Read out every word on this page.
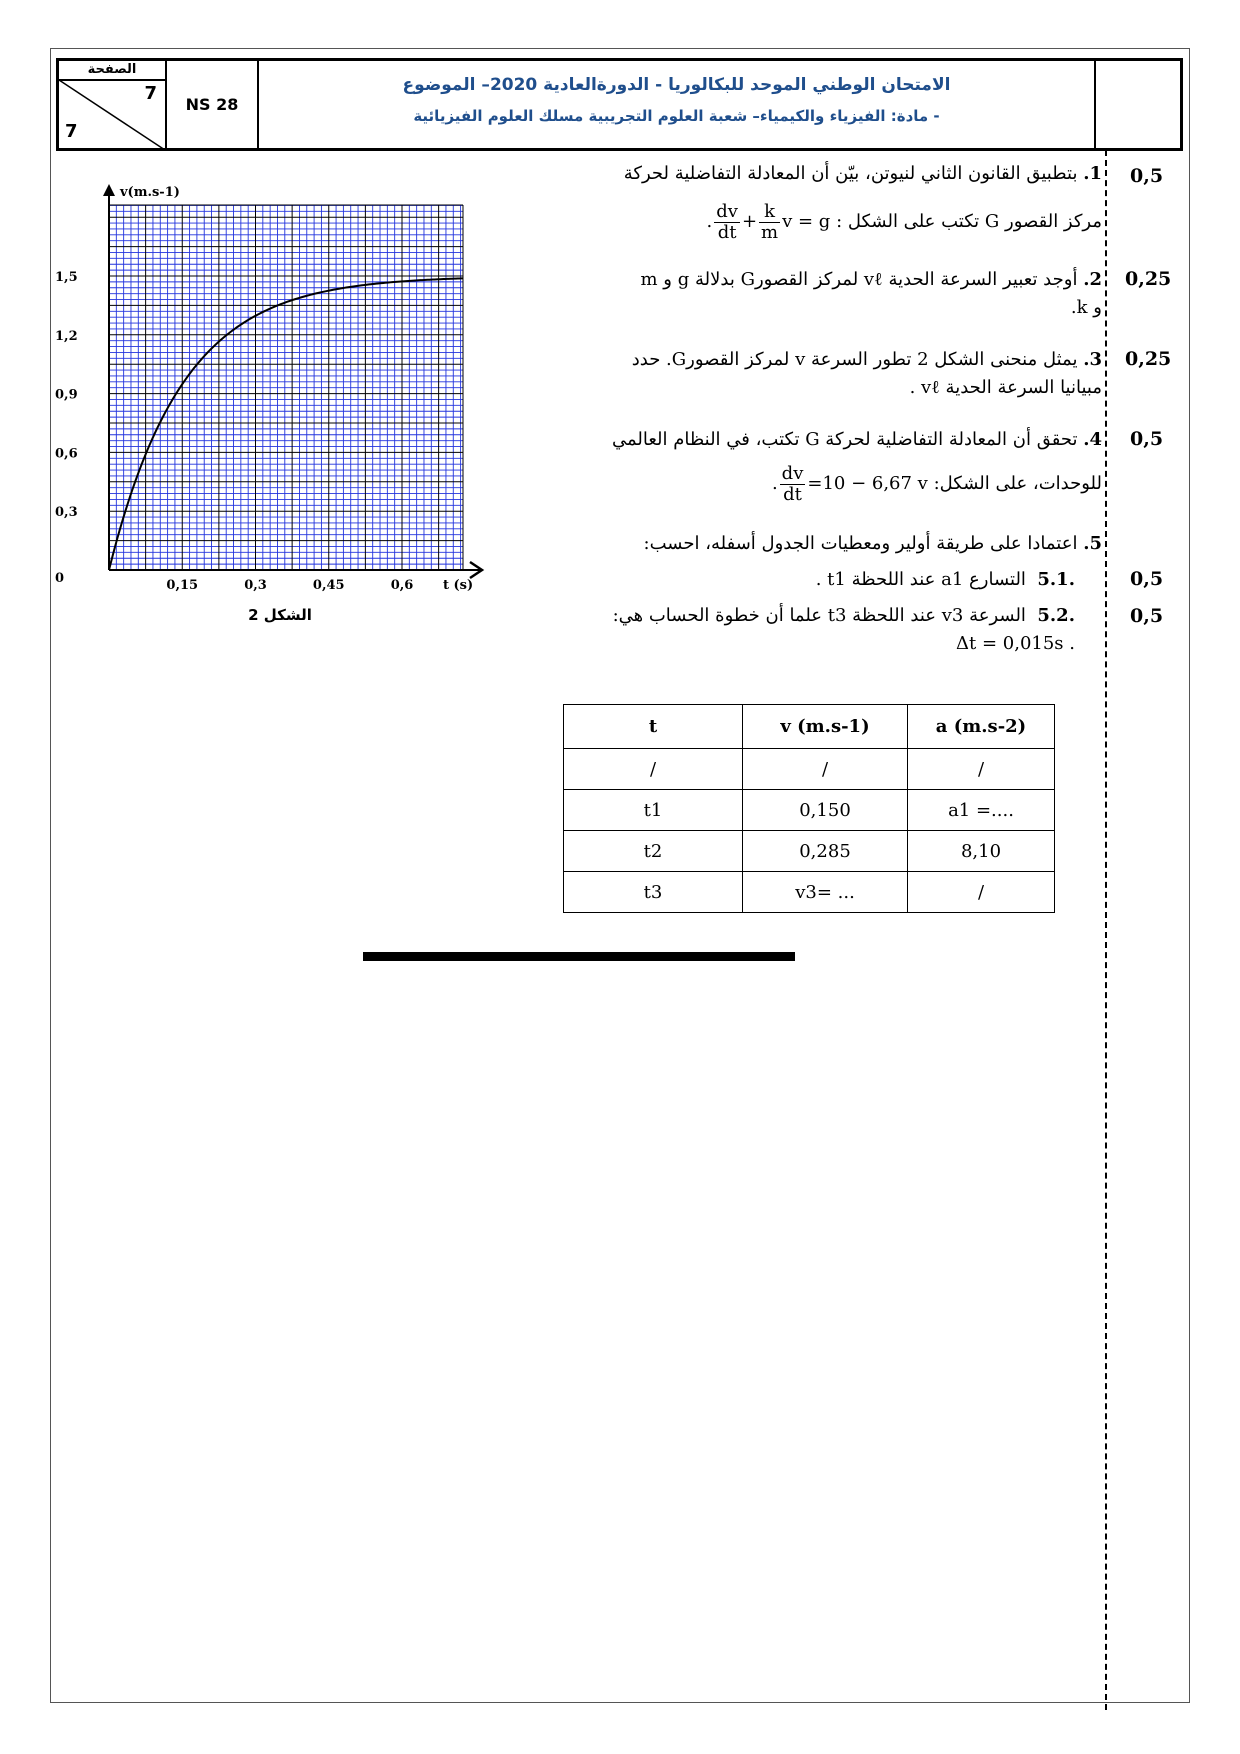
الصفحة
7
7
NS 28
الامتحان الوطني الموحد للبكالوريا - الدورةالعادية 2020– الموضوع
- مادة: الفيزياء والكيمياء– شعبة العلوم التجريبية مسلك العلوم الفيزيائية
0,5
0,25
0,25
0,5
0,5
0,5
1. بتطبيق القانون الثاني لنيوتن، بيّن أن المعادلة التفاضلية لحركة
مركز القصور G تكتب على الشكل : . $\frac{dv}{dt} + \frac{k}{m}$ v = g
2. أوجد تعبير السرعة الحدية vℓ لمركز القصورG بدلالة g و m
و k.
3. يمثل منحنى الشكل 2 تطور السرعة v لمركز القصورG. حدد
مبيانيا السرعة الحدية vℓ .
4. تحقق أن المعادلة التفاضلية لحركة G تكتب، في النظام العالمي
للوحدات، على الشكل: . $\frac{dv}{dt} =10 - 6,67$ v
5. اعتمادا على طريقة أولير ومعطيات الجدول أسفله، احسب:
.5.1  التسارع a1 عند اللحظة t1 .
.5.2  السرعة v3 عند اللحظة t3 علما أن خطوة الحساب هي:
. Δt = 0,015s
t	v (m.s-1)	a (m.s-2)
/	/	/
t1	0,150	a1 =....
t2	0,285	8,10
t3	v3= ...	/
v(m.s-1)
t (s)
0,15	0,3	0,45	0,6
0
0,3
0,6
0,9
1,2
1,5
الشكل 2
